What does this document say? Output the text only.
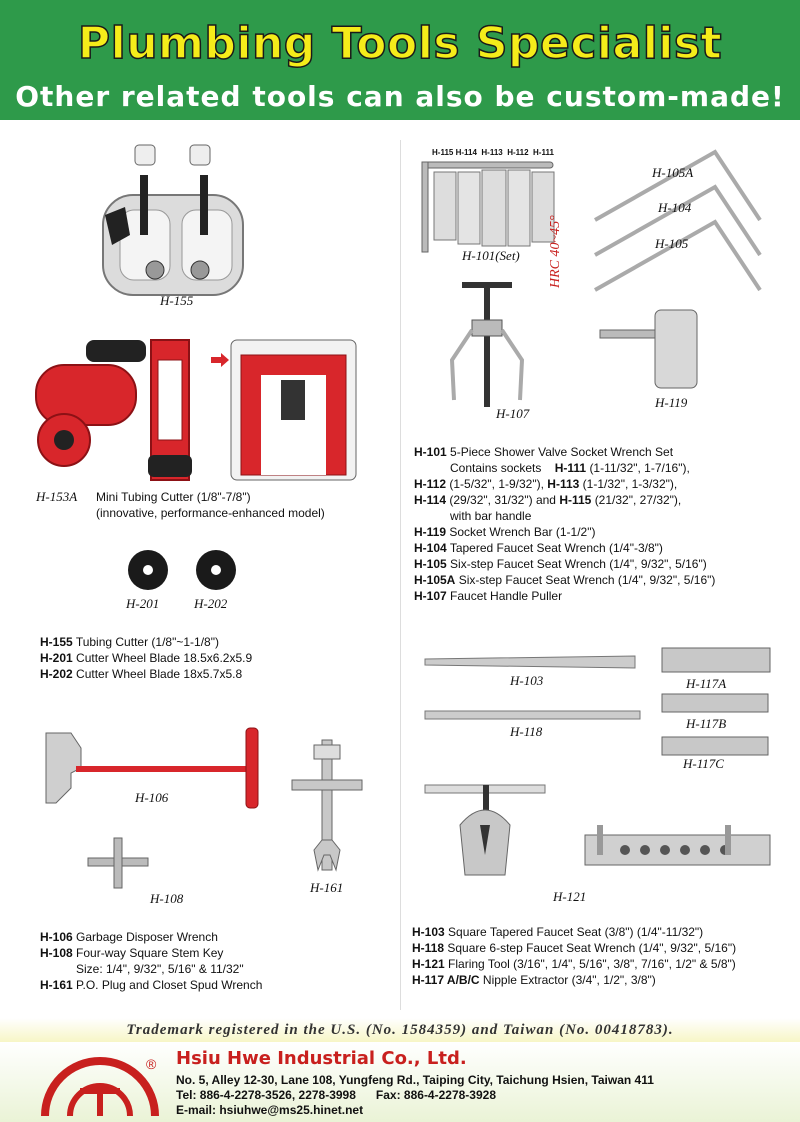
Plumbing Tools Specialist
Other related tools can also be custom-made!
H-155
H-153A Mini Tubing Cutter (1/8"-7/8")
(innovative, performance-enhanced model)
H-201	H-202
H-155 Tubing Cutter (1/8"~1-1/8")
H-201 Cutter Wheel Blade 18.5x6.2x5.9
H-202 Cutter Wheel Blade 18x5.7x5.8
H-106
H-108
H-161
H-106 Garbage Disposer Wrench
H-108 Four-way Square Stem Key
Size: 1/4", 9/32", 5/16" & 11/32"
H-161 P.O. Plug and Closet Spud Wrench
H-115 H-114 H-113 H-112 H-111
H-101(Set)
H-105A
H-104
H-105
HRC 40~45°
H-107
H-119
H-101 5-Piece Shower Valve Socket Wrench Set
Contains sockets H-111 (1-11/32", 1-7/16"),
H-112 (1-5/32", 1-9/32"), H-113 (1-1/32", 1-3/32"),
H-114 (29/32", 31/32") and H-115 (21/32", 27/32"),
with bar handle
H-119 Socket Wrench Bar (1-1/2")
H-104 Tapered Faucet Seat Wrench (1/4"-3/8")
H-105 Six-step Faucet Seat Wrench (1/4", 9/32", 5/16")
H-105A Six-step Faucet Seat Wrench (1/4", 9/32", 5/16")
H-107 Faucet Handle Puller
H-103
H-118
H-117A
H-117B
H-117C
H-121
H-103 Square Tapered Faucet Seat (3/8") (1/4"-11/32")
H-118 Square 6-step Faucet Seat Wrench (1/4", 9/32", 5/16")
H-121 Flaring Tool (3/16", 1/4", 5/16", 3/8", 7/16", 1/2" & 5/8")
H-117 A/B/C Nipple Extractor (3/4", 1/2", 3/8")
Trademark registered in the U.S. (No. 1584359) and Taiwan (No. 00418783).
® Hsiu Hwe Industrial Co., Ltd.
No. 5, Alley 12-30, Lane 108, Yungfeng Rd., Taiping City, Taichung Hsien, Taiwan 411
Tel: 886-4-2278-3526, 2278-3998      Fax: 886-4-2278-3928
E-mail: hsiuhwe@ms25.hinet.net
